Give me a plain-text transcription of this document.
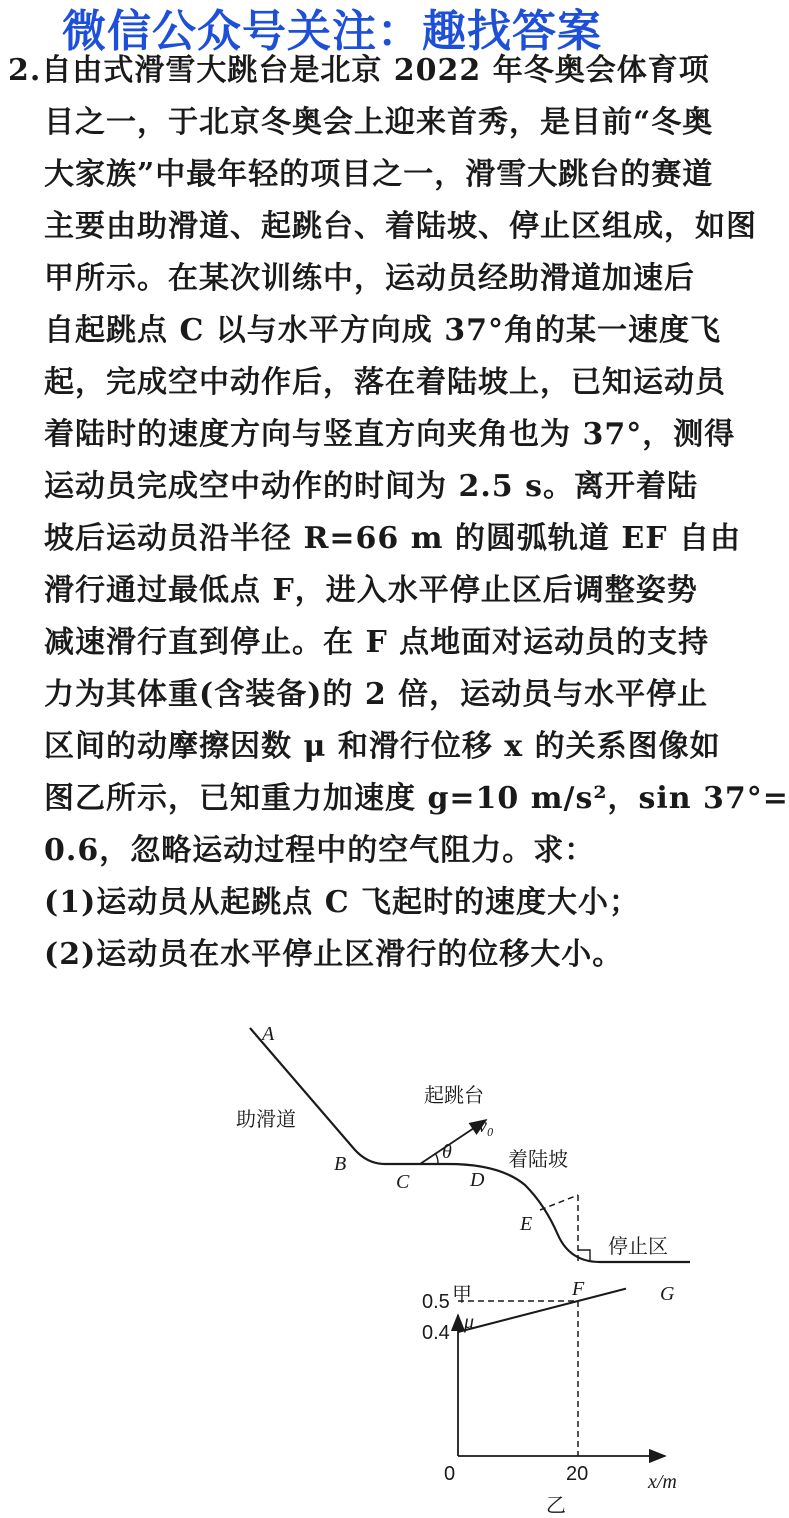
微信公众号关注：趣找答案
2.自由式滑雪大跳台是北京 2022 年冬奥会体育项
目之一，于北京冬奥会上迎来首秀，是目前“冬奥
大家族”中最年轻的项目之一，滑雪大跳台的赛道
主要由助滑道、起跳台、着陆坡、停止区组成，如图
甲所示。在某次训练中，运动员经助滑道加速后
自起跳点 C 以与水平方向成 37°角的某一速度飞
起，完成空中动作后，落在着陆坡上，已知运动员
着陆时的速度方向与竖直方向夹角也为 37°，测得
运动员完成空中动作的时间为 2.5 s。离开着陆
坡后运动员沿半径 R=66 m 的圆弧轨道 EF 自由
滑行通过最低点 F，进入水平停止区后调整姿势
减速滑行直到停止。在 F 点地面对运动员的支持
力为其体重(含装备)的 2 倍，运动员与水平停止
区间的动摩擦因数 μ 和滑行位移 x 的关系图像如
图乙所示，已知重力加速度 g=10 m/s²，sin 37°=
0.6，忽略运动过程中的空气阻力。求：
(1)运动员从起跳点 C 飞起时的速度大小；
(2)运动员在水平停止区滑行的位移大小。
A
B
C	D
E
F	G
θ
v₀
助滑道
起跳台
着陆坡
停止区
甲
μ
x/m
0
乙
0.4
0.5
20
